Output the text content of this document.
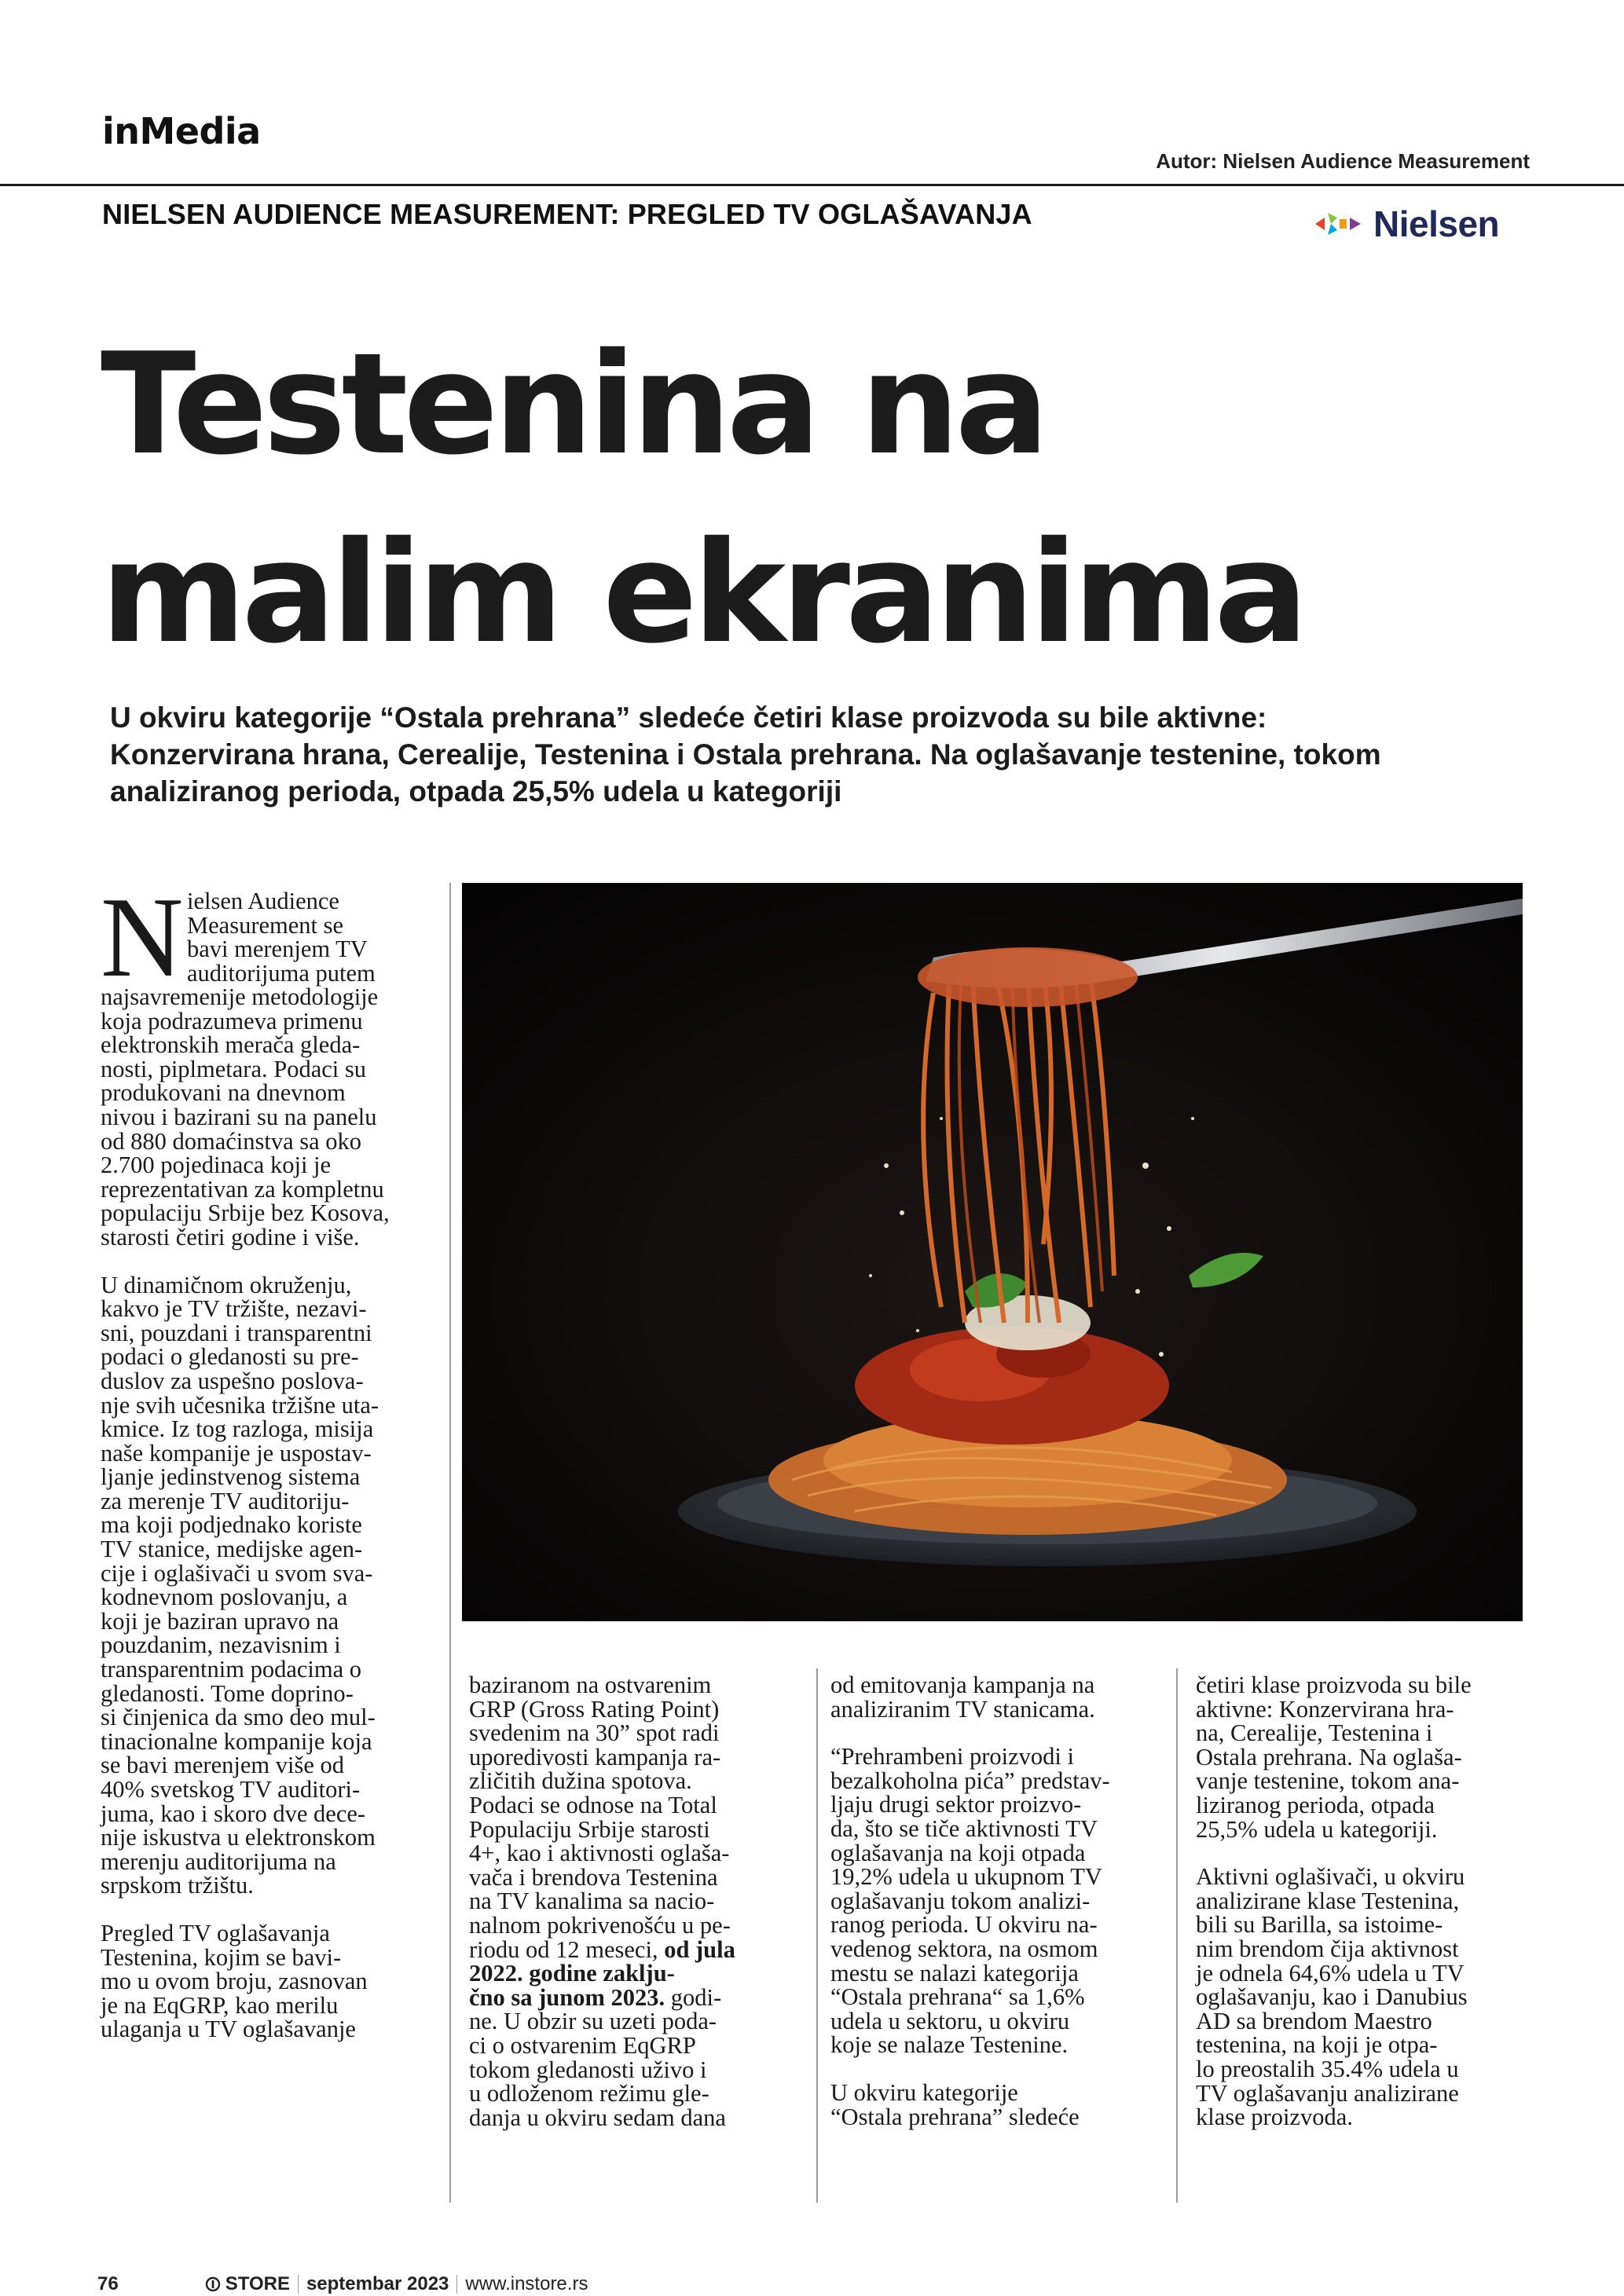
inMedia
Autor: Nielsen Audience Measurement
NIELSEN AUDIENCE MEASUREMENT: PREGLED TV OGLAŠAVANJA	Nielsen
Testenina na
malim ekranima
U okviru kategorije “Ostala prehrana” sledeće četiri klase proizvoda su bile aktivne:
Konzervirana hrana, Cerealije, Testenina i Ostala prehrana. Na oglašavanje testenine, tokom
analiziranog perioda, otpada 25,5% udela u kategoriji
N ielsen Audience
Measurement se
bavi merenjem TV
auditorijuma putem
najsavremenije metodologije
koja podrazumeva primenu
elektronskih merača gleda-
nosti, piplmetara. Podaci su
produkovani na dnevnom
nivou i bazirani su na panelu
od 880 domaćinstva sa oko
2.700 pojedinaca koji je
reprezentativan za kompletnu
populaciju Srbije bez Kosova,
starosti četiri godine i više.
U dinamičnom okruženju,
kakvo je TV tržište, nezavi-
sni, pouzdani i transparentni
podaci o gledanosti su pre-
duslov za uspešno poslova-
nje svih učesnika tržišne uta-
kmice. Iz tog razloga, misija
naše kompanije je uspostav-
ljanje jedinstvenog sistema
za merenje TV auditoriju-
ma koji podjednako koriste
TV stanice, medijske agen-
cije i oglašivači u svom sva-
kodnevnom poslovanju, a
koji je baziran upravo na
pouzdanim, nezavisnim i
transparentnim podacima o
gledanosti. Tome doprino-
si činjenica da smo deo mul-
tinacionalne kompanije koja
se bavi merenjem više od
40% svetskog TV auditori-
juma, kao i skoro dve dece-
nije iskustva u elektronskom
merenju auditorijuma na
srpskom tržištu.
Pregled TV oglašavanja
Testenina, kojim se bavi-
mo u ovom broju, zasnovan
je na EqGRP, kao merilu
ulaganja u TV oglašavanje
baziranom na ostvarenim
GRP (Gross Rating Point)
svedenim na 30” spot radi
uporedivosti kampanja ra-
zličitih dužina spotova.
Podaci se odnose na Total
Populaciju Srbije starosti
4+, kao i aktivnosti oglaša-
vača i brendova Testenina
na TV kanalima sa nacio-
nalnom pokrivenošću u pe-
riodu od 12 meseci, od jula
2022. godine zaklju-
čno sa junom 2023. godi-
ne. U obzir su uzeti poda-
ci o ostvarenim EqGRP
tokom gledanosti uživo i
u odloženom režimu gle-
danja u okviru sedam dana
od emitovanja kampanja na
analiziranim TV stanicama.
“Prehrambeni proizvodi i
bezalkoholna pića” predstav-
ljaju drugi sektor proizvo-
da, što se tiče aktivnosti TV
oglašavanja na koji otpada
19,2% udela u ukupnom TV
oglašavanju tokom analizi-
ranog perioda. U okviru na-
vedenog sektora, na osmom
mestu se nalazi kategorija
“Ostala prehrana“ sa 1,6%
udela u sektoru, u okviru
koje se nalaze Testenine.
U okviru kategorije
“Ostala prehrana” sledeće
četiri klase proizvoda su bile
aktivne: Konzervirana hra-
na, Cerealije, Testenina i
Ostala prehrana. Na oglaša-
vanje testenine, tokom ana-
liziranog perioda, otpada
25,5% udela u kategoriji.
Aktivni oglašivači, u okviru
analizirane klase Testenina,
bili su Barilla, sa istoime-
nim brendom čija aktivnost
je odnela 64,6% udela u TV
oglašavanju, kao i Danubius
AD sa brendom Maestro
testenina, na koji je otpa-
lo preostalih 35.4% udela u
TV oglašavanju analizirane
klase proizvoda.
76	STORE septembar 2023 www.instore.rs
